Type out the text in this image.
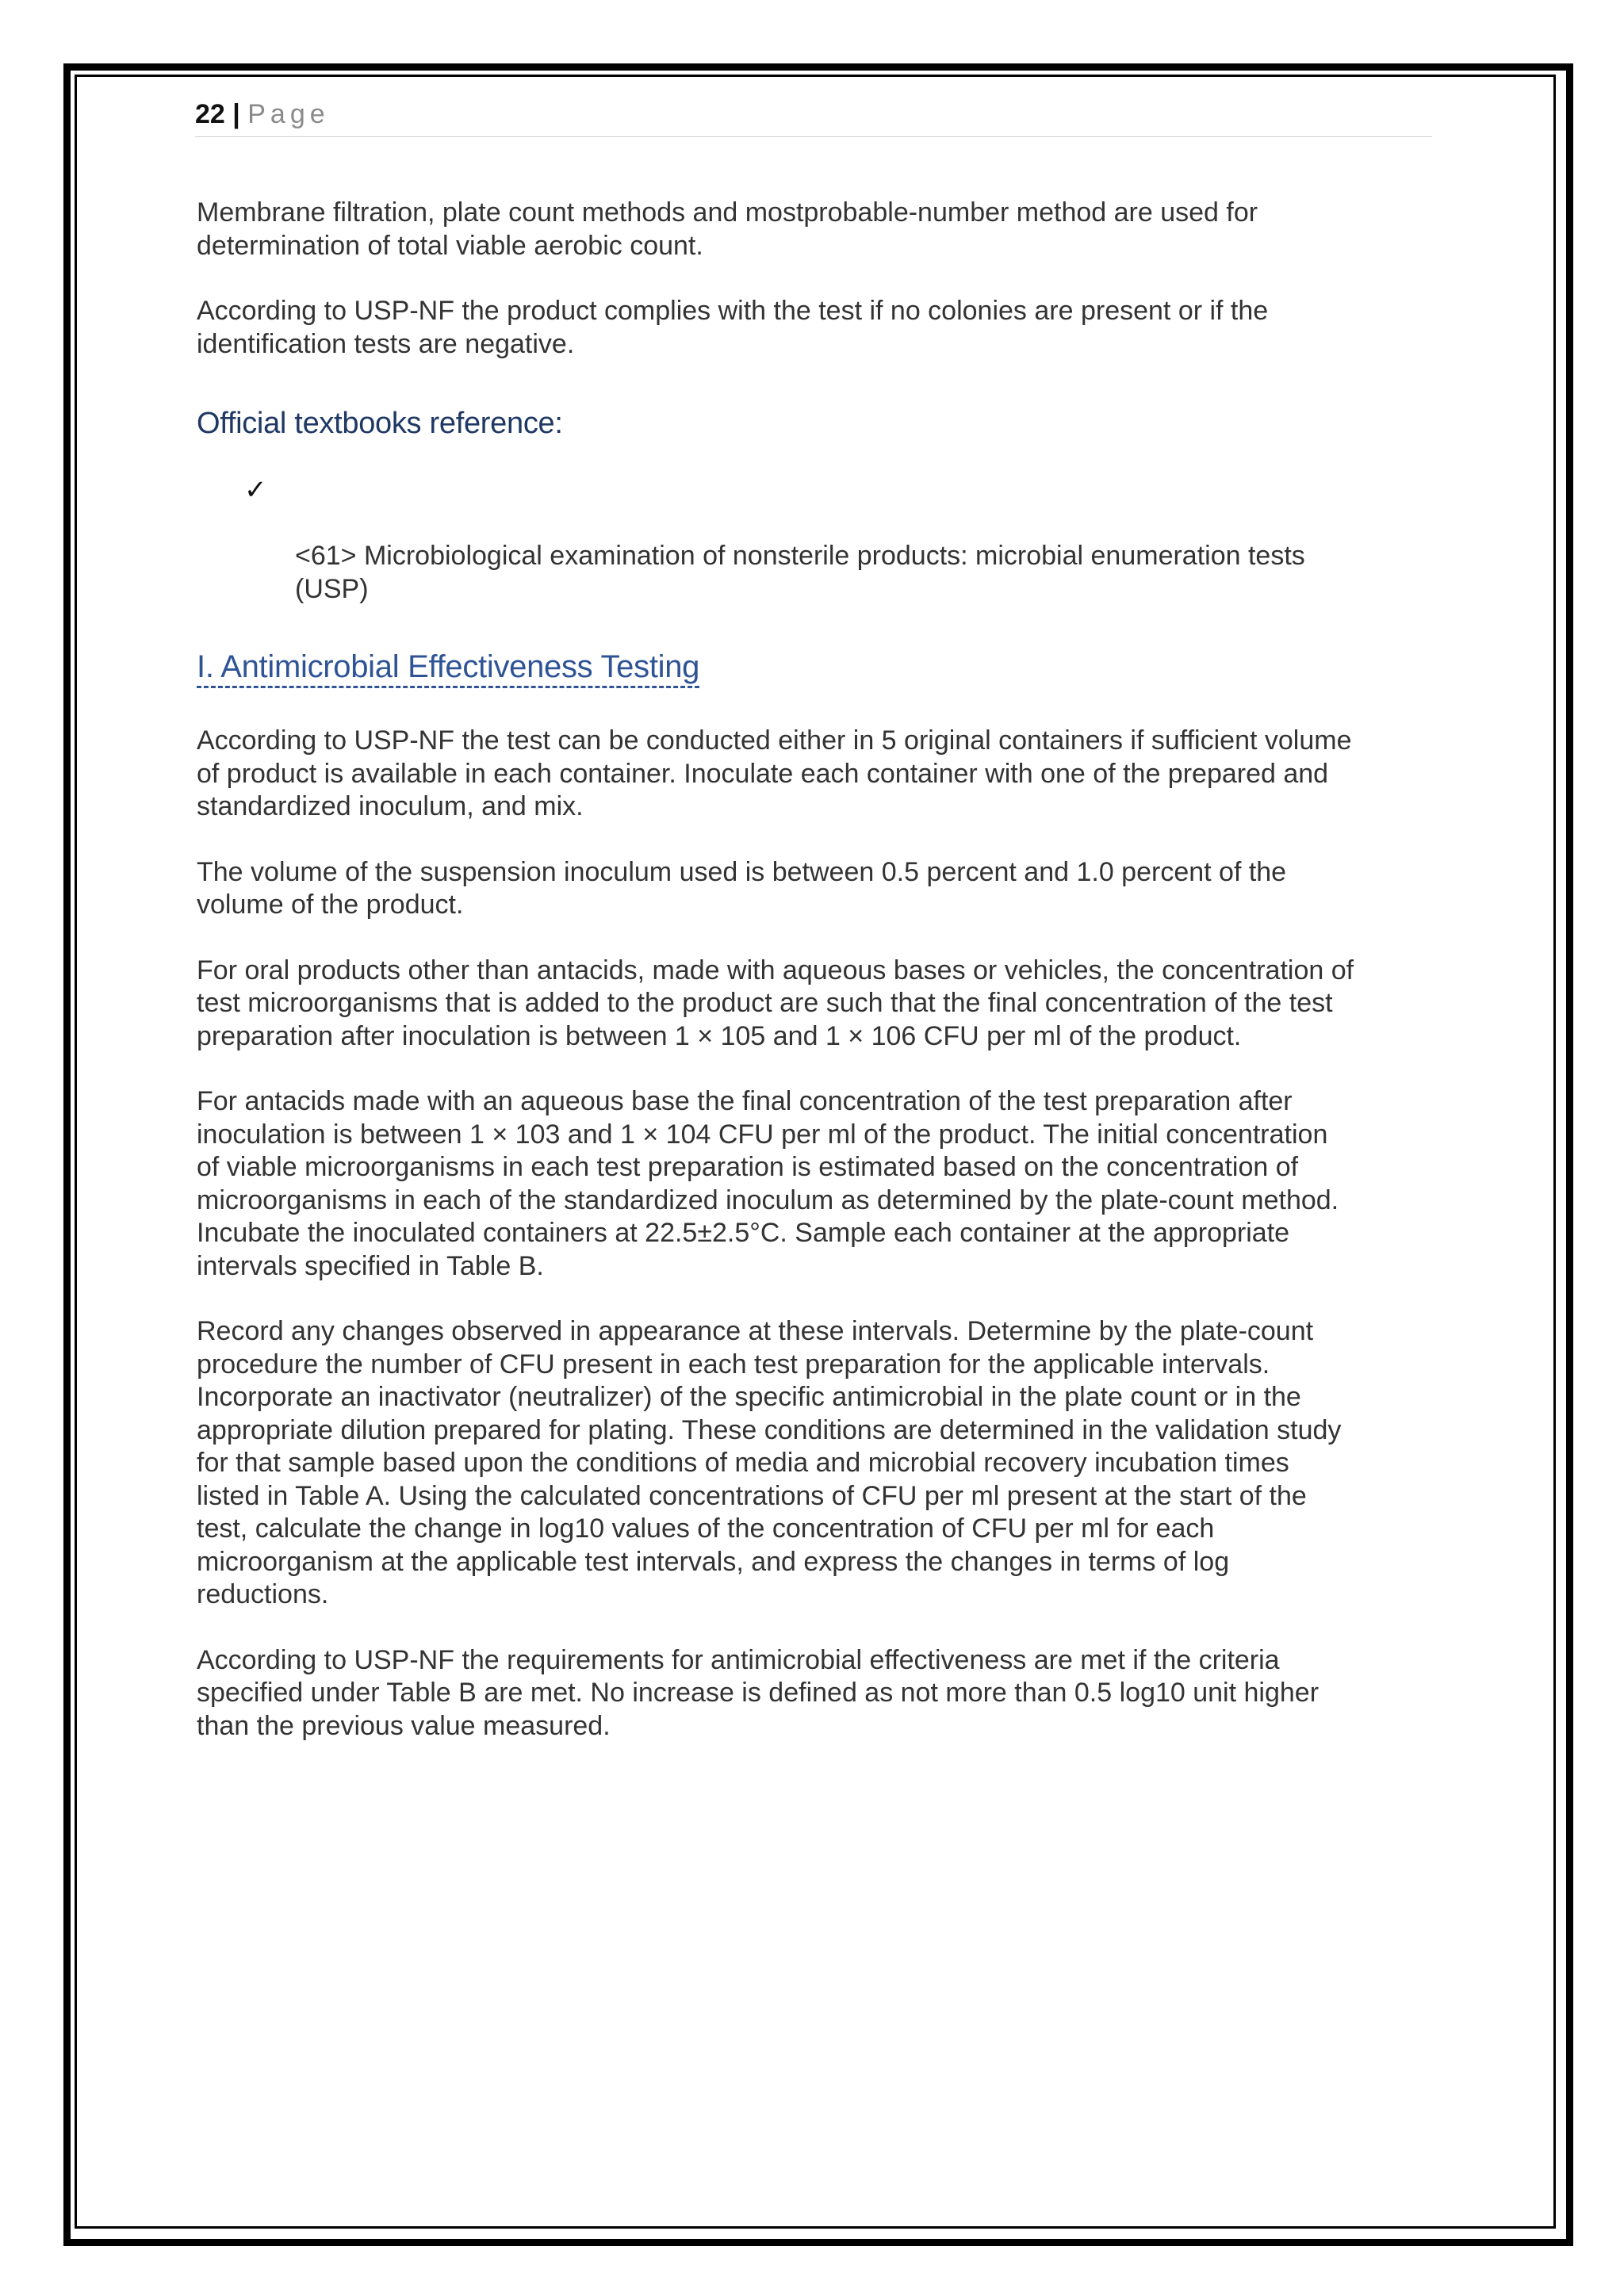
22 | Page

Membrane filtration, plate count methods and mostprobable-number method are used for
determination of total viable aerobic count.

According to USP-NF the product complies with the test if no colonies are present or if the
identification tests are negative.

Official textbooks reference:

✓

<61> Microbiological examination of nonsterile products: microbial enumeration tests
(USP)

I. Antimicrobial Effectiveness Testing

According to USP-NF the test can be conducted either in 5 original containers if sufficient volume
of product is available in each container. Inoculate each container with one of the prepared and
standardized inoculum, and mix.

The volume of the suspension inoculum used is between 0.5 percent and 1.0 percent of the
volume of the product.

For oral products other than antacids, made with aqueous bases or vehicles, the concentration of
test microorganisms that is added to the product are such that the final concentration of the test
preparation after inoculation is between 1 × 105 and 1 × 106 CFU per ml of the product.

For antacids made with an aqueous base the final concentration of the test preparation after
inoculation is between 1 × 103 and 1 × 104 CFU per ml of the product. The initial concentration
of viable microorganisms in each test preparation is estimated based on the concentration of
microorganisms in each of the standardized inoculum as determined by the plate-count method.
Incubate the inoculated containers at 22.5±2.5°C. Sample each container at the appropriate
intervals specified in Table B.

Record any changes observed in appearance at these intervals. Determine by the plate-count
procedure the number of CFU present in each test preparation for the applicable intervals.
Incorporate an inactivator (neutralizer) of the specific antimicrobial in the plate count or in the
appropriate dilution prepared for plating. These conditions are determined in the validation study
for that sample based upon the conditions of media and microbial recovery incubation times
listed in Table A. Using the calculated concentrations of CFU per ml present at the start of the
test, calculate the change in log10 values of the concentration of CFU per ml for each
microorganism at the applicable test intervals, and express the changes in terms of log
reductions.

According to USP-NF the requirements for antimicrobial effectiveness are met if the criteria
specified under Table B are met. No increase is defined as not more than 0.5 log10 unit higher
than the previous value measured.
